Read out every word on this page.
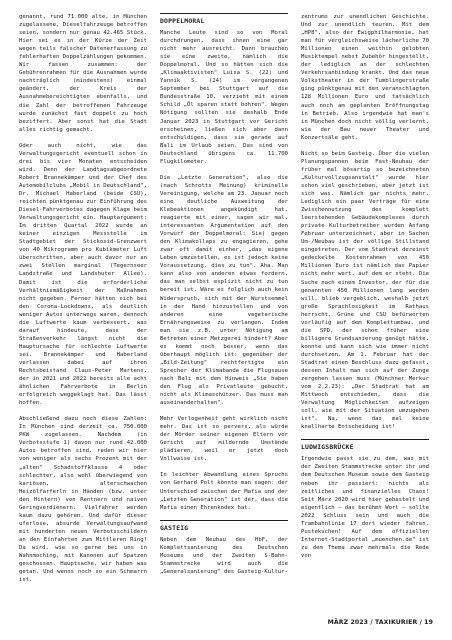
genannt, rund 71.000 alte, in München zugelassene, Dieselfahrzeuge betroffen seien, sondern nur genau 42.465 Stück. Hier sei es in der Kürze der Zeit wegen teils falscher Datenerfassung zu fehlerhaften Doppelzählungen gekommen. Wir fassen zusammen: der Gebührenrahmen für die Ausnahmen wurde nachträglich (mindestens) einmal geändert, der Kreis der Ausnahmebereichtigten ebenfalls, und die Zahl der betroffenen Fahrzeuge wurde zunächst fast doppelt zu hoch beziffert. Aber sonst hat die Stadt alles richtig gemacht.

Oder auch nicht, wie das Verwaltungsgericht eventuell schon in drei bis vier Monaten entscheiden wird. Denn der Landtagsabgeordnete Robert Brannekämper und der Chef des Automobilclubs „Mobil in Deutschland", Dr. Michael Haberland (beide CSU), reichten pünktgenau zur Einführung des Diesel-Fahrverbotes dagegen Klage beim Verwaltungsgericht ein. Hauptargument: Im dritten Quartal 2022 wurde an keiner einzigen Messstelle im Stadtgebiet der Stickoxid-Grenzwert von 40 Mikrogramm pro Kubikmeter Luft überschritten, aber auch davor nur an zwei Stellen marginal (Tegernseer Landstraße und Landshuter Allee). Damit ist die erforderliche Verhältnismäßigkeit der Maßnahmen nicht gegeben. Ferner hätten sich bei den Corona-Lockdowns, als deutlich weniger Autos unterwegs waren, dennoch die Luftwerte kaum verbessert, was darauf hindeute, dass der Straßenverkehr längst nicht die Hauptursache für schlechte Luftwerte sei. Brannekämper und Haberland verlassen dabei auf ihren Rechtsbeistand Claus-Peter Martens, der in 2021 und 2022 bereits alle acht ähnlichen Fahrverbote in Berlin erfolgreich weggeklagt hat. Das lässt hoffen.

Abschließend dazu noch diese Zahlen: In München sind derzeit ca. 750.000 PKW zugelassen. Nachdem (in Verbotsstufe 1) davon nur rund 42.000 Autos betroffen sind, reden wir hier von weniger als sechs Prozent mit der „alten" Schadstoffklasse 4 oder schlechter, also wohl überwiegend von kariösen, alterschwachen Heizölfarferln in Händen (bzw. unter den Hintern) von Rentnern und naiven Geringverdienern. Vielfahrer werden kaum dazu gehören. Und dafür dieser uferlose, absurde Verwaltungsaufwand mit hunderten neuen Verbotsschildern an den Einfahrten zum Mittleren Ring! Da wird, wie so gerne bei uns in Wahnmoching, mit Kanonen auf Spatzen geschossen. Hauptsache, wir haben was getan. Und wenns noch so ein Schmarrn ist.

DOPPELMORAL

Manche Leute sind so von Moral durchdrungen, dass ihnen eine gar nicht mehr ausreicht. Dann brauchen sie eine zweite, nämlich die Doppelmoral. Und so hätten sich die „Klimaaktivisten" Luisa S. (22) und Yannik S. (24) im vergangenen September bei Stuttgart auf die Bundesstraße 10, verzieht mit einem Schild „Öl sparen statt bohren". Wegen Nötigung sollten sie deshalb Ende Januar 2023 in Stuttgart vor Gericht erscheinen, ließen sich aber dann entschuldigen, dass sie gerade auf Bali im Urlaub seien. Das sind von Deutschland übrigens ca. 11.700 Flugkilometer.

Die „Letzte Generation", also die (nach Schrotts Meinung) kriminelle Vereinigung, welche am 23. Januar noch eine deutliche Ausweitung der Klebeaktionen angekündigt hat, reagierte mit einer, sagen wir mal, interessanten Argumentation auf den Vorwurf der Doppelmoral: Sie) gegen den Klimakollaps zu engagieren, gehe zwar oft damit einher, „das eigene Leben umzustellen, es ist jedoch keine Voraussetzung, dies zu tun". Aha. Man kann also von anderen etwas fordern, das man selbst explizit nicht zu tun bereit ist. Wäre es folglich auch kein Widerspruch, sich mit der Wurstsemmel in der Hand hinzustellen und von anderen eine vegetarische Ernährungsweise zu verlangen. Indem man sie z.B. unter Nötigung am Betreten einer Metzgerei hindert? Aber es kommt noch besser, wenn das überhaupt möglich ist: gegenüber der „Bild-Zeitung" rechtfertigte ein Sprecher der Klimabande die Flugsause nach Bali mit dem Hinweis „Sie haben den Flug als Privatleute gebucht, nicht als Klimaschützer. Das muss man auseinanderhalten".

Mehr Verlogenheit geht wirklich nicht mehr. Das ist so pervers, als würde der Mörder seiner eigenen Eltern vor Gericht auf mildernde Umstände plädieren, weil er jetzt doch Vollwaise ist.

In leichter Abwandlung eines Spruchs von Gerhard Polt könnte man sagen: der Unterschied zwischen der Mafia und der „Letzten Generation" ist der, dass die Mafia einen Ehrenkodex hat.

GASTEIG

Neben dem Neubau des HbF, der Komplettsanierung des Deutschen Museums und der Zweiten S-Bahn-Stammstrecke wird auch die „Generalsanierung" des Gasteig-Kultur-

zentrums zur unendlichen Geschichte. Und zur unendlich teuren. Mit dem „HP8", also der Ewigphilharmonie, hat man für vergleichsweise lächerliche 70 Millionen einen weithin gelobten Musiktempel nebst Zubehör hingestellt, der lediglich an der schlechten Verkehrsanbindung krankt. Und das neue Volkstheater in der Tumblingerstraße ging pünktgenau mit den veranschlagten 128 Millionen Euro und tatsächlich auch noch am geplanten Eröffnungstag in Betrieb. Also irgendwie hat man's in München doch nicht völlig verlernt, wie der Bau neuer Theater und Konzertsäle geht.

Nicht so beim Gasteig. Über die vielen Planungspannen beim Fast-Neubau der früher mal bösartig so bezeichneten „Kulturvollzugsanstalt" wurde hier schon viel geschrieben, aber jetzt ist sich was. Nämlich gar nichts mehr. Lediglich ein paar Verträge für eine Zwischennutzung des komplett leerstehenden Gebäudekomplexes durch private Kulturbetreiber wurden Anfang Februar unterzeichnet, aber in Sachen Um-/Neubau ist der völlige Stillstand eingetreten. Der vom Stadtrat dereinst gedeckelte Kostenrahmen von 450 Millionen Euro ist nämlich das Papier nicht mehr wert, auf dem er steht. Die Suche nach einem Investor, der für die genannten 450 Millionen lang werden will, blieb vergeblich, weshalb jetzt große Sprachlosigkeit im Rathaus herrscht. Grüne und CSU befürworten vorläufig auf dem Komplettumbau, und die SPD, der schon früher eine billigere Grundsanierung genügt hätte, konnte und kann sich wie immer nicht durchsetzen. Am 1. Februar hat der Stadtrat einen Beschluss dazu gefasst, dessen Inhalt man sich auf der Zunge zergehen lassen muss (Münchner Merkur vom 2.2.23): „Der Stadtrat hat am Mittwoch entschieden, dass die Verwaltung Möglichkeiten aufzeigen soll, wie mit der Situation umzugehen ist". Na, wenn das mal keine knallharte Entscheidung ist!

LUDWIGSBRÜCKE

Irgendwie passt sie zu dem, was mit der Zweiten Stammstrecke unter ihr und dem Deutschen Museum sowie dem Gasteig neben ihr passiert: nichts als zeitliches und finanzielles Chaos! Seit März 2020 wird hier gebastelt und eigentlich – das berühmt Wort – sollte 2022 Schluss sein und auch die Trambahnlinie 17 dort wieder fahren. Pustekuchen! Auf dem offiziellen Internet-Stadtportal „muenchen.de" ist zu dem Thema zwar mehrmals die Rede von

MÄRZ 2023 / TAXIKURIER / 19
